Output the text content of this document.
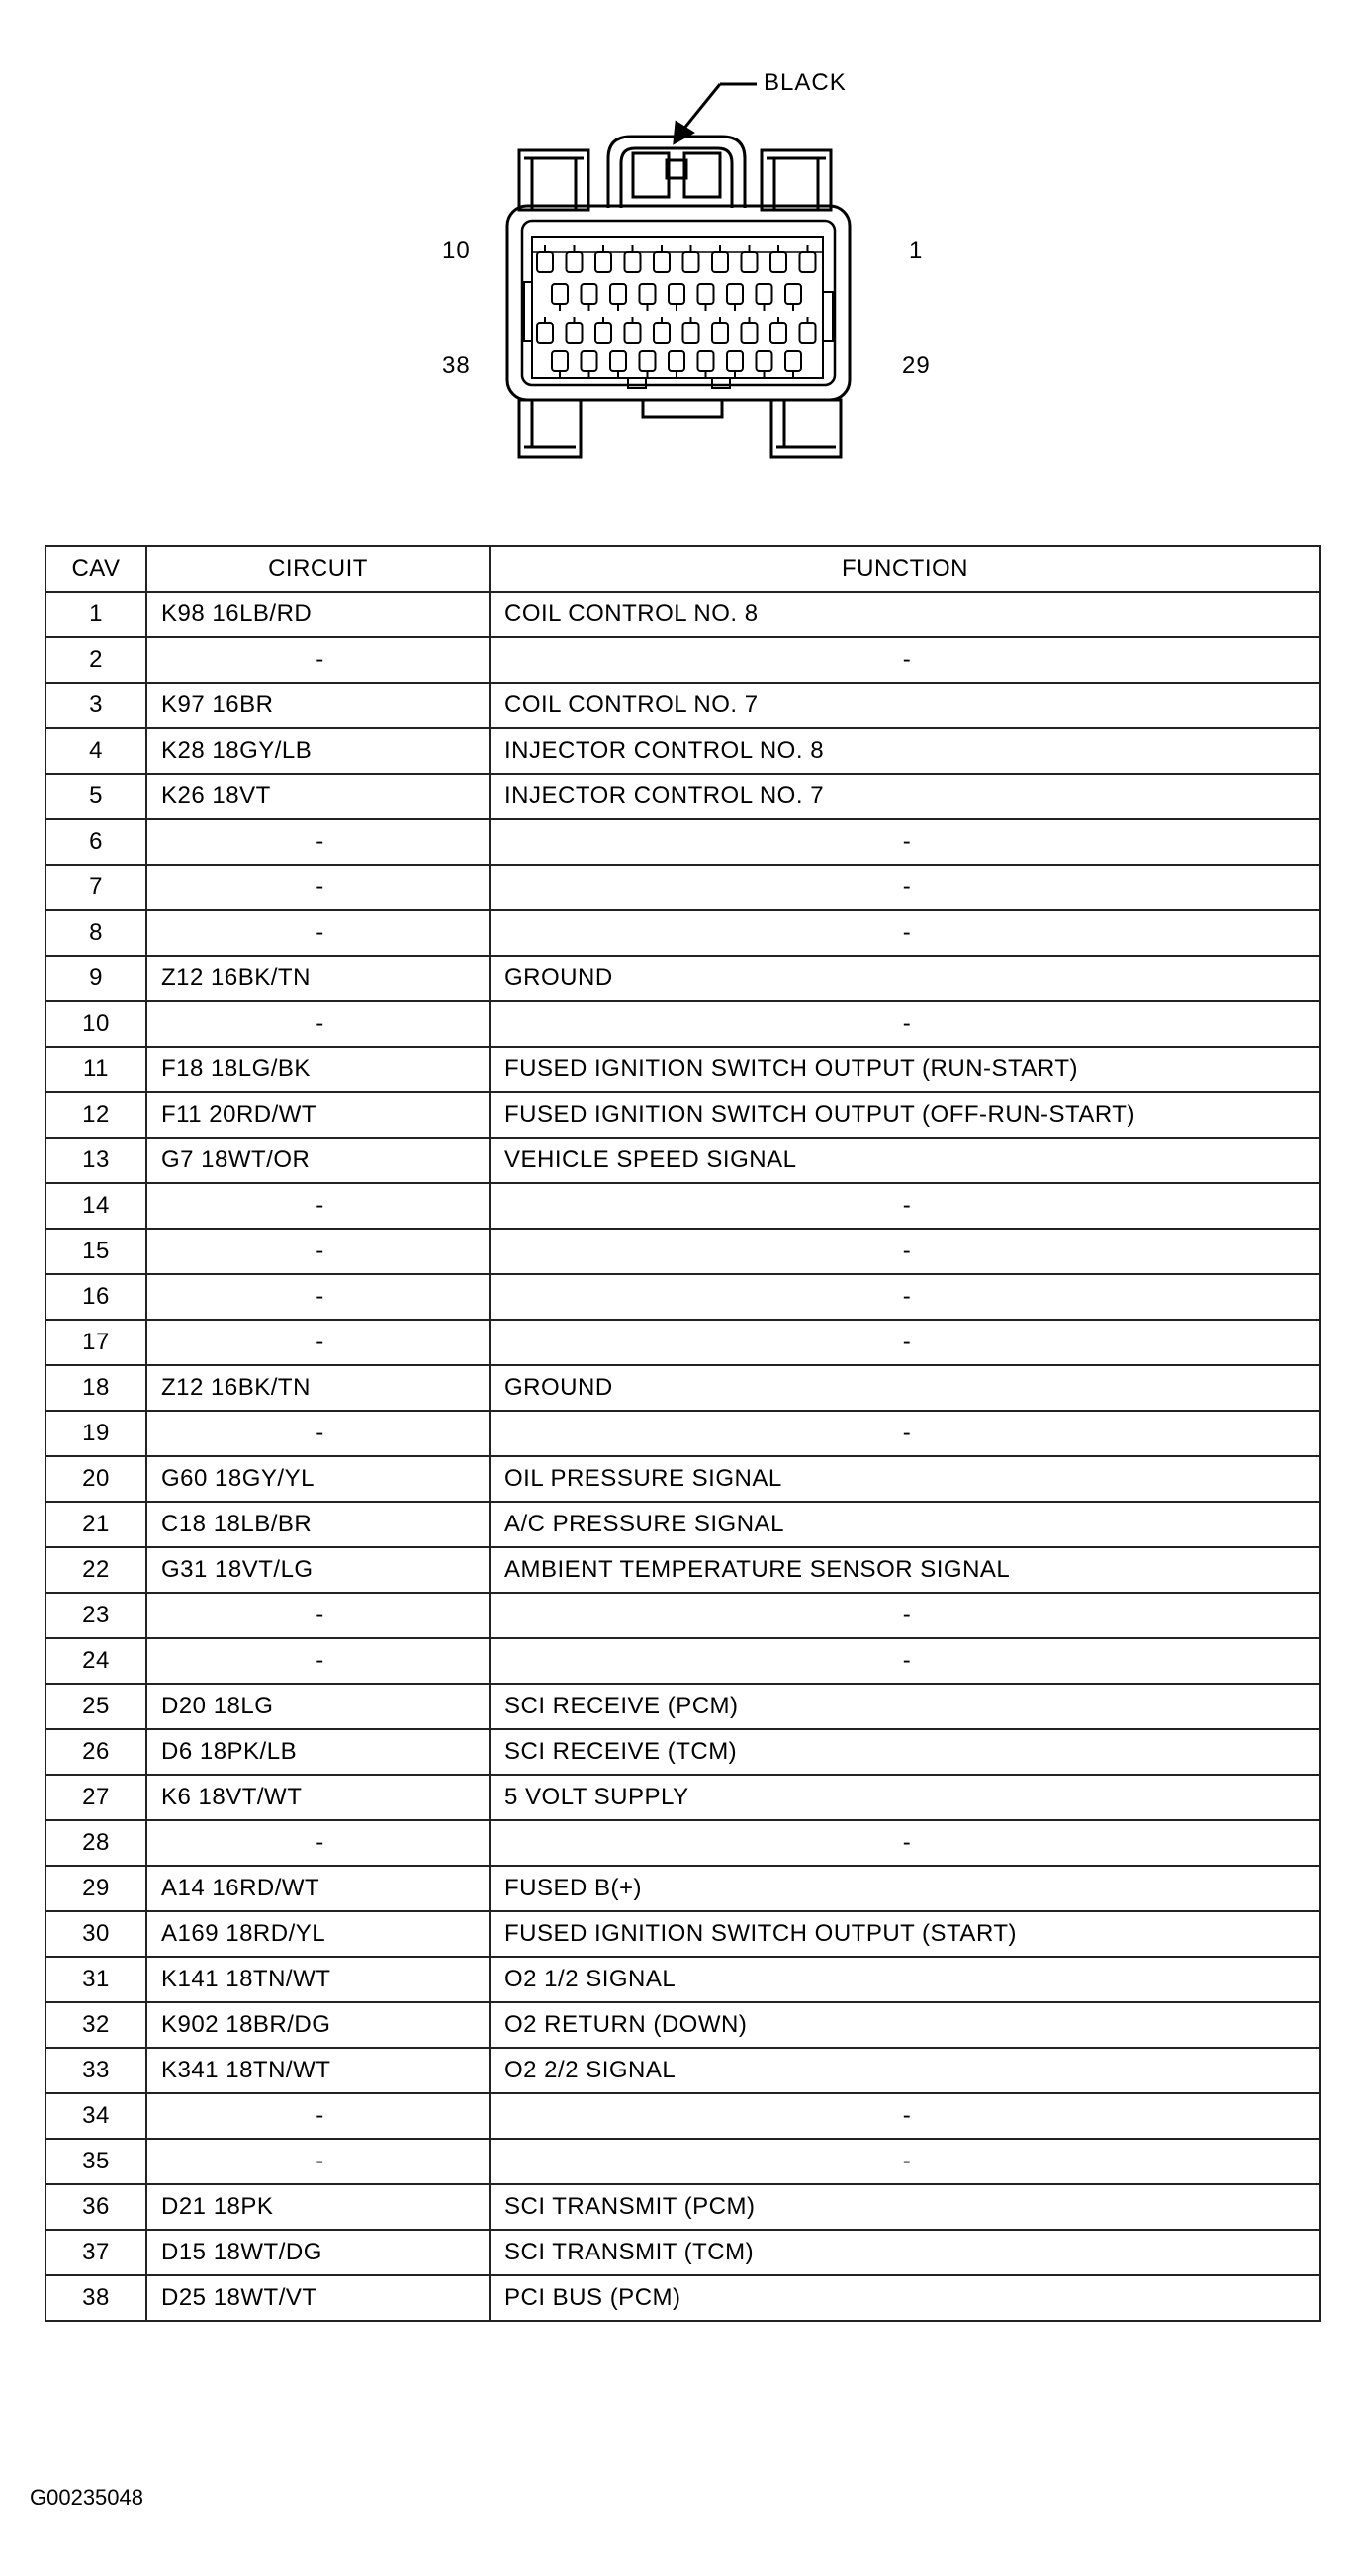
BLACK
10	1
38	29
CAV	CIRCUIT	FUNCTION
1	K98 16LB/RD	COIL CONTROL NO. 8
2	-	-
3	K97 16BR	COIL CONTROL NO. 7
4	K28 18GY/LB	INJECTOR CONTROL NO. 8
5	K26 18VT	INJECTOR CONTROL NO. 7
6	-	-
7	-	-
8	-	-
9	Z12 16BK/TN	GROUND
10	-	-
11	F18 18LG/BK	FUSED IGNITION SWITCH OUTPUT (RUN-START)
12	F11 20RD/WT	FUSED IGNITION SWITCH OUTPUT (OFF-RUN-START)
13	G7 18WT/OR	VEHICLE SPEED SIGNAL
14	-	-
15	-	-
16	-	-
17	-	-
18	Z12 16BK/TN	GROUND
19	-	-
20	G60 18GY/YL	OIL PRESSURE SIGNAL
21	C18 18LB/BR	A/C PRESSURE SIGNAL
22	G31 18VT/LG	AMBIENT TEMPERATURE SENSOR SIGNAL
23	-	-
24	-	-
25	D20 18LG	SCI RECEIVE (PCM)
26	D6 18PK/LB	SCI RECEIVE (TCM)
27	K6 18VT/WT	5 VOLT SUPPLY
28	-	-
29	A14 16RD/WT	FUSED B(+)
30	A169 18RD/YL	FUSED IGNITION SWITCH OUTPUT (START)
31	K141 18TN/WT	O2 1/2 SIGNAL
32	K902 18BR/DG	O2 RETURN (DOWN)
33	K341 18TN/WT	O2 2/2 SIGNAL
34	-	-
35	-	-
36	D21 18PK	SCI TRANSMIT (PCM)
37	D15 18WT/DG	SCI TRANSMIT (TCM)
38	D25 18WT/VT	PCI BUS (PCM)
G00235048
